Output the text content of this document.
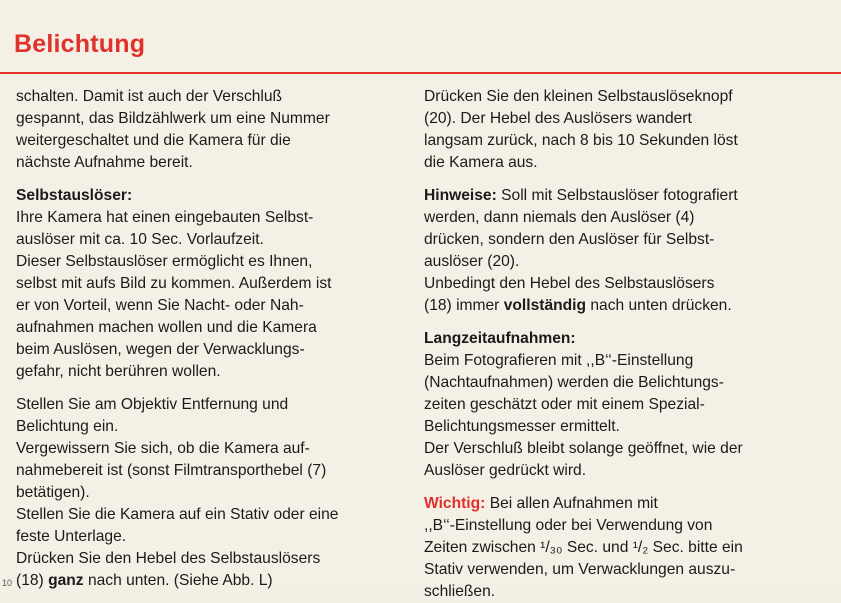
Belichtung

schalten. Damit ist auch der Verschluß
gespannt, das Bildzählwerk um eine Nummer
weitergeschaltet und die Kamera für die
nächste Aufnahme bereit.

Selbstauslöser:

Ihre Kamera hat einen eingebauten Selbst-
auslöser mit ca. 10 Sec. Vorlaufzeit.
Dieser Selbstauslöser ermöglicht es Ihnen,
selbst mit aufs Bild zu kommen. Außerdem ist
er von Vorteil, wenn Sie Nacht- oder Nah-
aufnahmen machen wollen und die Kamera
beim Auslösen, wegen der Verwacklungs-
gefahr, nicht berühren wollen.

Stellen Sie am Objektiv Entfernung und
Belichtung ein.
Vergewissern Sie sich, ob die Kamera auf-
nahmebereit ist (sonst Filmtransporthebel (7)
betätigen).
Stellen Sie die Kamera auf ein Stativ oder eine
feste Unterlage.
Drücken Sie den Hebel des Selbstauslösers
(18) ganz nach unten. (Siehe Abb. L)

Drücken Sie den kleinen Selbstauslöseknopf
(20). Der Hebel des Auslösers wandert
langsam zurück, nach 8 bis 10 Sekunden löst
die Kamera aus.

Hinweise: Soll mit Selbstauslöser fotografiert
werden, dann niemals den Auslöser (4)
drücken, sondern den Auslöser für Selbst-
auslöser (20).
Unbedingt den Hebel des Selbstauslösers
(18) immer vollständig nach unten drücken.

Langzeitaufnahmen:

Beim Fotografieren mit ,,B‘‘-Einstellung
(Nachtaufnahmen) werden die Belichtungs-
zeiten geschätzt oder mit einem Spezial-
Belichtungsmesser ermittelt.
Der Verschluß bleibt solange geöffnet, wie der
Auslöser gedrückt wird.

Wichtig: Bei allen Aufnahmen mit
,,B‘‘-Einstellung oder bei Verwendung von
Zeiten zwischen ¹/₃₀ Sec. und ¹/₂ Sec. bitte ein
Stativ verwenden, um Verwacklungen auszu-
schließen.

10
